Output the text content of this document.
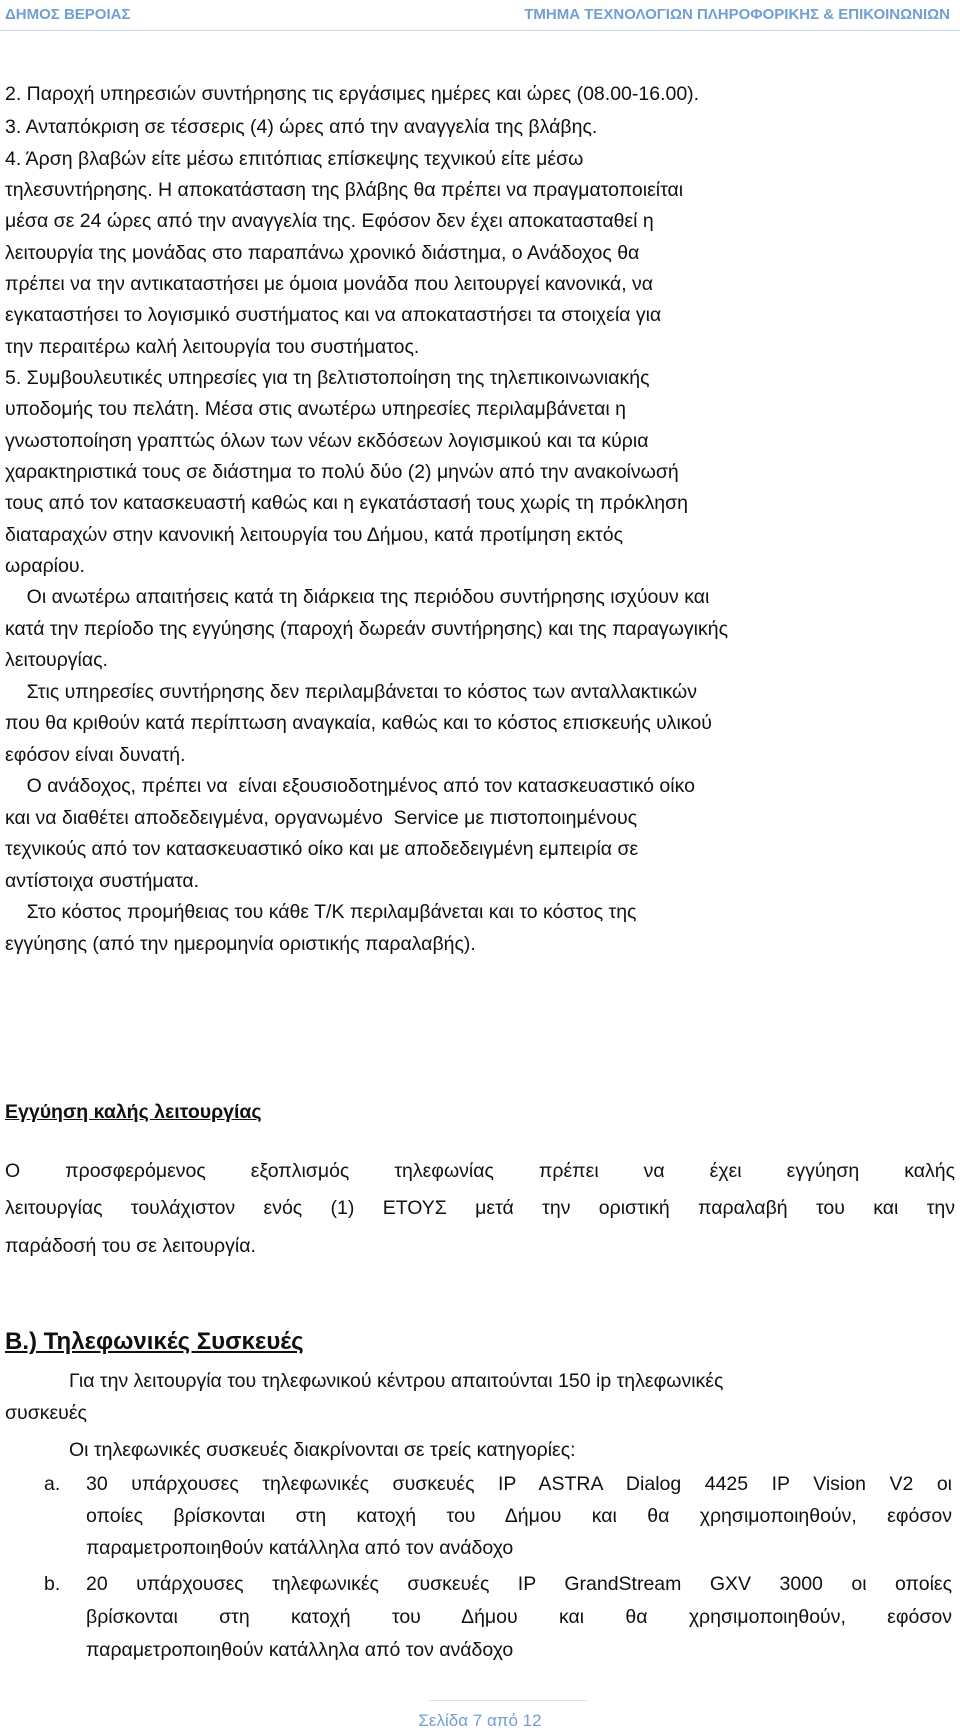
ΔΗΜΟΣ ΒΕΡΟΙΑΣ	ΤΜΗΜΑ ΤΕΧΝΟΛΟΓΙΩΝ ΠΛΗΡΟΦΟΡΙΚΗΣ & ΕΠΙΚΟΙΝΩΝΙΩΝ
2. Παροχή υπηρεσιών συντήρησης τις εργάσιμες ημέρες και ώρες (08.00-16.00).
3. Ανταπόκριση σε τέσσερις (4) ώρες από την αναγγελία της βλάβης.
4. Άρση βλαβών είτε μέσω επιτόπιας επίσκεψης τεχνικού είτε μέσω
τηλεσυντήρησης. Η αποκατάσταση της βλάβης θα πρέπει να πραγματοποιείται
μέσα σε 24 ώρες από την αναγγελία της. Εφόσον δεν έχει αποκατασταθεί η
λειτουργία της μονάδας στο παραπάνω χρονικό διάστημα, ο Ανάδοχος θα
πρέπει να την αντικαταστήσει με όμοια μονάδα που λειτουργεί κανονικά, να
εγκαταστήσει το λογισμικό συστήματος και να αποκαταστήσει τα στοιχεία για
την περαιτέρω καλή λειτουργία του συστήματος.
5. Συμβουλευτικές υπηρεσίες για τη βελτιστοποίηση της τηλεπικοινωνιακής
υποδομής του πελάτη. Μέσα στις ανωτέρω υπηρεσίες περιλαμβάνεται η
γνωστοποίηση γραπτώς όλων των νέων εκδόσεων λογισμικού και τα κύρια
χαρακτηριστικά τους σε διάστημα το πολύ δύο (2) μηνών από την ανακοίνωσή
τους από τον κατασκευαστή καθώς και η εγκατάστασή τους χωρίς τη πρόκληση
διαταραχών στην κανονική λειτουργία του Δήμου, κατά προτίμηση εκτός
ωραρίου.
Οι ανωτέρω απαιτήσεις κατά τη διάρκεια της περιόδου συντήρησης ισχύουν και
κατά την περίοδο της εγγύησης (παροχή δωρεάν συντήρησης) και της παραγωγικής
λειτουργίας.
Στις υπηρεσίες συντήρησης δεν περιλαμβάνεται το κόστος των ανταλλακτικών
που θα κριθούν κατά περίπτωση αναγκαία, καθώς και το κόστος επισκευής υλικού
εφόσον είναι δυνατή.
Ο ανάδοχος, πρέπει να  είναι εξουσιοδοτημένος από τον κατασκευαστικό οίκο
και να διαθέτει αποδεδειγμένα, οργανωμένο  Service με πιστοποιημένους
τεχνικούς από τον κατασκευαστικό οίκο και με αποδεδειγμένη εμπειρία σε
αντίστοιχα συστήματα.
Στο κόστος προμήθειας του κάθε Τ/Κ περιλαμβάνεται και το κόστος της
εγγύησης (από την ημερομηνία οριστικής παραλαβής).
Εγγύηση καλής λειτουργίας
Ο προσφερόμενος εξοπλισμός τηλεφωνίας πρέπει να έχει εγγύηση καλής
λειτουργίας τουλάχιστον ενός (1) ΕΤΟΥΣ μετά την οριστική παραλαβή του και την
παράδοσή του σε λειτουργία.
Β.) Τηλεφωνικές Συσκευές
Για την λειτουργία του τηλεφωνικού κέντρου απαιτούνται 150 ip τηλεφωνικές
συσκευές
Οι τηλεφωνικές συσκευές διακρίνονται σε τρείς κατηγορίες:
a. 30 υπάρχουσες τηλεφωνικές συσκευές IP ASTRA Dialog 4425 IP Vision V2 οι
οποίες βρίσκονται στη κατοχή του Δήμου και θα χρησιμοποιηθούν, εφόσον
παραμετροποιηθούν κατάλληλα από τον ανάδοχο
b. 20 υπάρχουσες τηλεφωνικές συσκευές IP GrandStream GXV 3000 οι οποίες
βρίσκονται στη κατοχή του Δήμου και θα χρησιμοποιηθούν, εφόσον
παραμετροποιηθούν κατάλληλα από τον ανάδοχο
Σελίδα 7 από 12
